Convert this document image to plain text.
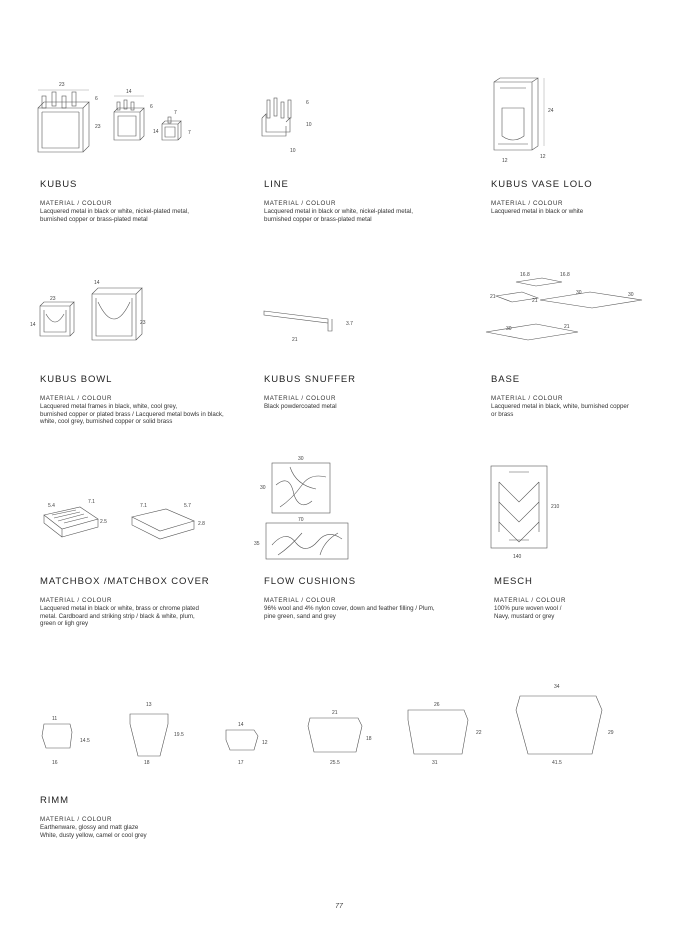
23
6
23
14
6
14
7
7
6
10
10
24
12
12
23
14
14
23	3.7
21
16.8	16.8
21
21
30	30
21
30
5.4
7.1
2.5
7.1	5.7
2.8
30
30
70
35
210
140
11
14.5
16
13
19.5
18
14
12
17
21
18
25.5
26
22
31
34
29
41.5
KUBUS
MATERIAL / COLOUR
Lacquered metal in black or white, nickel-plated metal,
burnished copper or brass-plated metal
LINE
MATERIAL / COLOUR
Lacquered metal in black or white, nickel-plated metal,
burnished copper or brass-plated metal
KUBUS VASE LOLO
MATERIAL / COLOUR
Lacquered metal in black or white
KUBUS BOWL
MATERIAL / COLOUR
Lacquered metal frames in black, white, cool grey,
burnished copper or plated brass / Lacquered metal bowls in black,
white, cool grey, burnished copper or solid brass
KUBUS SNUFFER
MATERIAL / COLOUR
Black powdercoated metal
BASE
MATERIAL / COLOUR
Lacquered metal in black, white, burnished copper
or brass
MATCHBOX /MATCHBOX COVER
MATERIAL / COLOUR
Lacquered metal in black or white, brass or chrome plated
metal. Cardboard and striking strip / black & white, plum,
green or ligh grey
FLOW CUSHIONS
MATERIAL / COLOUR
96% wool and 4% nylon cover, down and feather filling / Plum,
pine green, sand and grey
MESCH
MATERIAL / COLOUR
100% pure woven wool /
Navy, mustard or grey
RIMM
MATERIAL / COLOUR
Earthenware, glossy and matt glaze
White, dusty yellow, camel or cool grey
77
